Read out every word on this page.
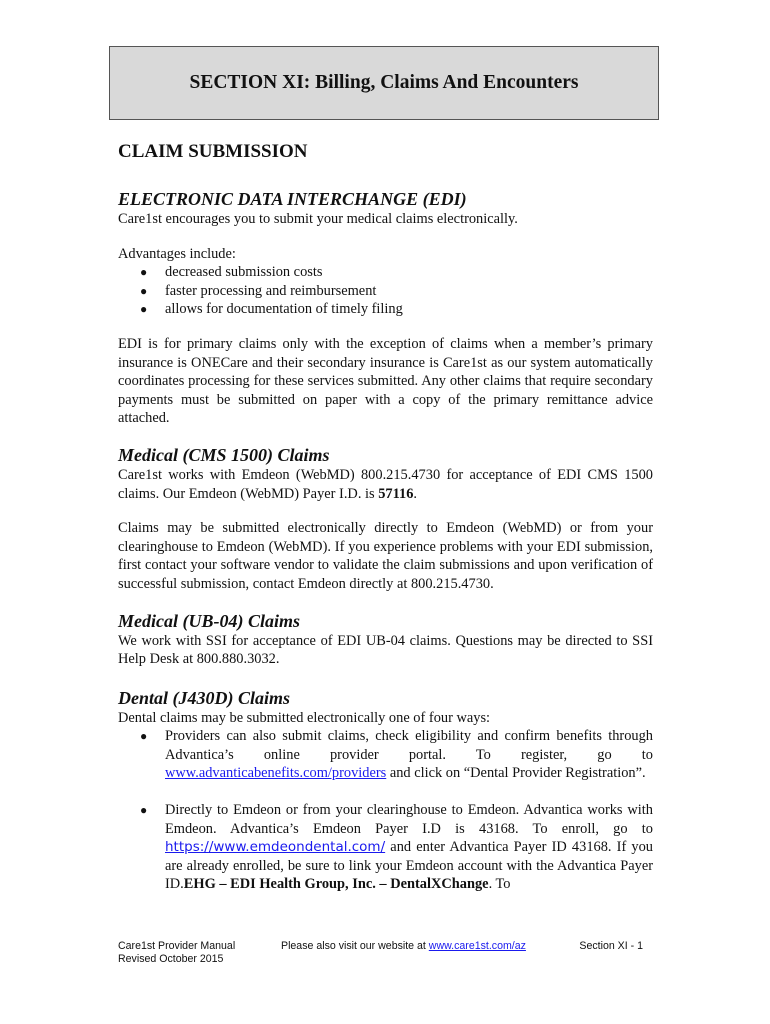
SECTION XI: Billing, Claims And Encounters
CLAIM SUBMISSION
ELECTRONIC DATA INTERCHANGE (EDI)

Care1st encourages you to submit your medical claims electronically.

Advantages include:

● decreased submission costs
● faster processing and reimbursement
● allows for documentation of timely filing

EDI is for primary claims only with the exception of claims when a member’s primary insurance is ONECare and their secondary insurance is Care1st as our system automatically coordinates processing for these services submitted. Any other claims that require secondary payments must be submitted on paper with a copy of the primary remittance advice attached.

Medical (CMS 1500) Claims

Care1st works with Emdeon (WebMD) 800.215.4730 for acceptance of EDI CMS 1500 claims. Our Emdeon (WebMD) Payer I.D. is 57116.

Claims may be submitted electronically directly to Emdeon (WebMD) or from your clearinghouse to Emdeon (WebMD). If you experience problems with your EDI submission, first contact your software vendor to validate the claim submissions and upon verification of successful submission, contact Emdeon directly at 800.215.4730.

Medical (UB-04) Claims

We work with SSI for acceptance of EDI UB-04 claims. Questions may be directed to SSI Help Desk at 800.880.3032.

Dental (J430D) Claims

Dental claims may be submitted electronically one of four ways:

● Providers can also submit claims, check eligibility and confirm benefits through Advantica’s online provider portal. To register, go to www.advanticabenefits.com/providers and click on “Dental Provider Registration”.
● Directly to Emdeon or from your clearinghouse to Emdeon. Advantica works with Emdeon. Advantica’s Emdeon Payer I.D is 43168. To enroll, go to https://www.emdeondental.com/ and enter Advantica Payer ID 43168. If you are already enrolled, be sure to link your Emdeon account with the Advantica Payer ID.EHG – EDI Health Group, Inc. – DentalXChange. To
Care1st Provider Manual
Revised October 2015
Please also visit our website at www.care1st.com/az	Section XI - 1
